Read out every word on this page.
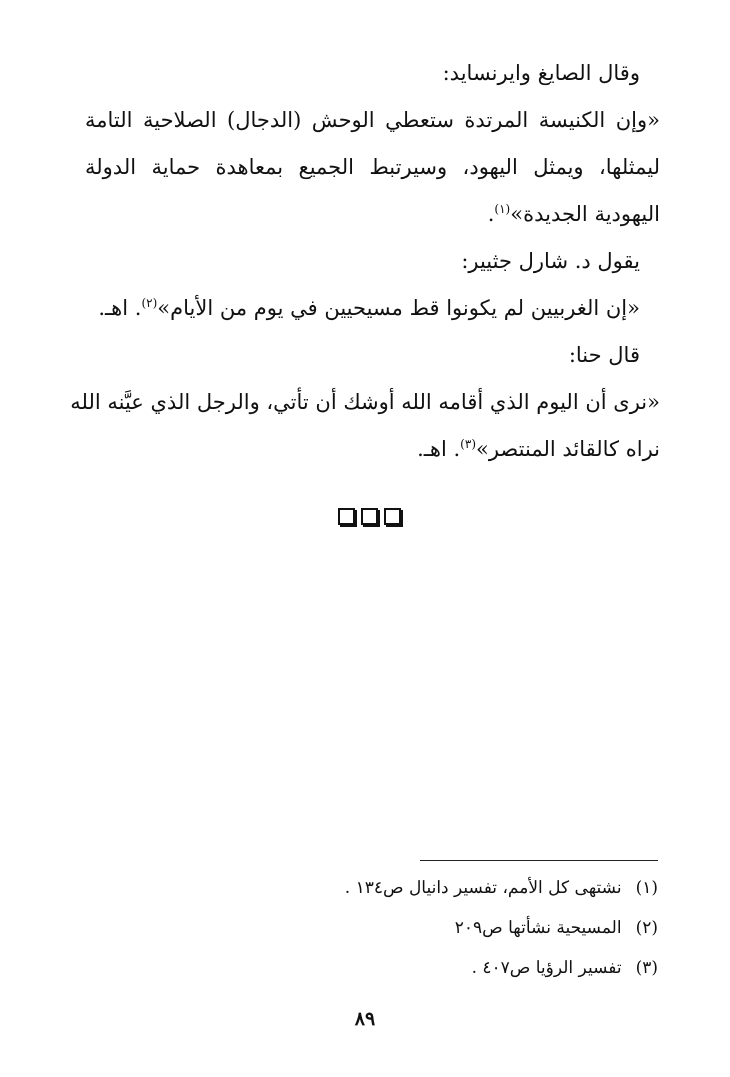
وقال الصايغ وايرنساید:

«وإن الكنيسة المرتدة ستعطي الوحش (الدجال) الصلاحية التامة

ليمثلها، ويمثل اليهود، وسيرتبط الجميع بمعاهدة حماية الدولة

اليهودية الجديدة»$^{(١)}$.

يقول د. شارل جثيير:

«إن الغربيين لم يكونوا قط مسيحيين في يوم من الأيام»$^{(٢)}$. اهـ.

قال حنا:

«نرى أن اليوم الذي أقامه الله أوشك أن تأتي، والرجل الذي عيَّنه الله

نراه كالقائد المنتصر»$^{(٣)}$. اهـ.

(١)
نشتهى كل الأمم، تفسير دانيال ص١٣٤ .
(٢)
المسيحية نشأتها ص٢٠٩
(٣)
تفسير الرؤيا ص٤٠٧ .
٨٩
